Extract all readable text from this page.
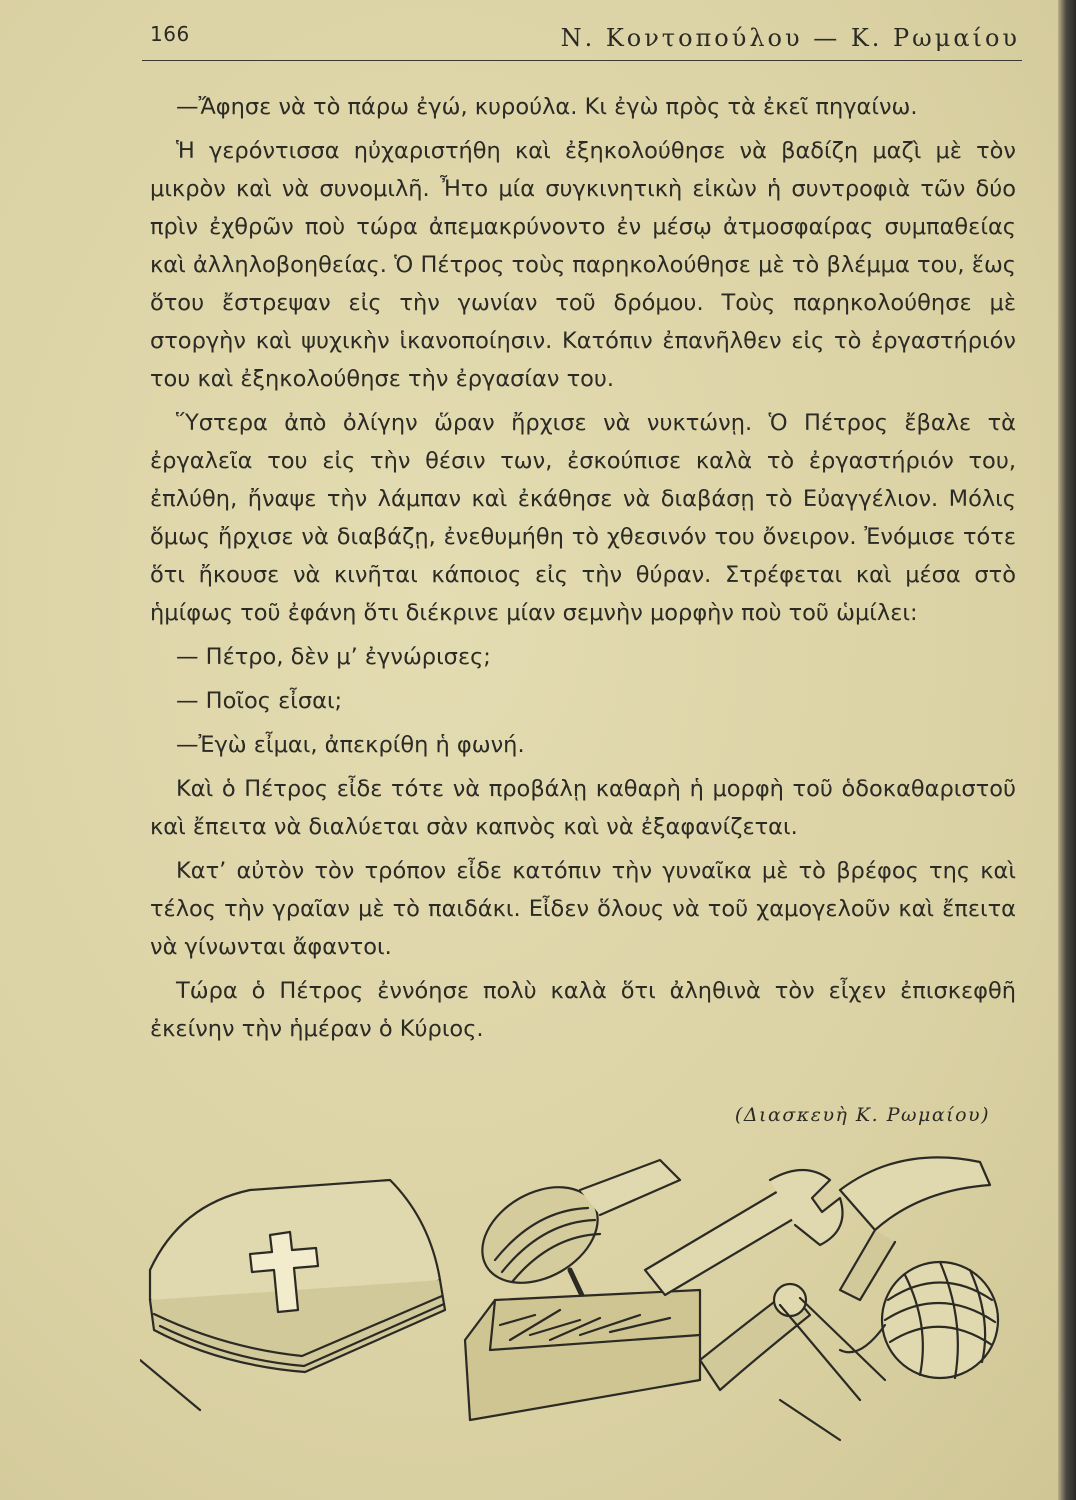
166	Ν. Κοντοπούλου — Κ. Ρωμαίου

—Ἄφησε νὰ τὸ πάρω ἐγώ, κυρούλα. Κι ἐγὼ πρὸς τὰ ἐκεῖ πηγαίνω.

Ἡ γερόντισσα ηὐχαριστήθη καὶ ἐξηκολούθησε νὰ βαδίζη μαζὶ μὲ τὸν μικρὸν καὶ νὰ συνομιλῆ. Ἦτο μία συγκινητικὴ εἰκὼν ἡ συντροφιὰ τῶν δύο πρὶν ἐχθρῶν ποὺ τώρα ἀπεμακρύνοντο ἐν μέσῳ ἀτμοσφαίρας συμπαθείας καὶ ἀλληλοβοηθείας. Ὁ Πέτρος τοὺς παρηκολούθησε μὲ τὸ βλέμμα του, ἕως ὅτου ἔστρεψαν εἰς τὴν γωνίαν τοῦ δρόμου. Τοὺς παρηκολούθησε μὲ στοργὴν καὶ ψυχικὴν ἱκανοποίησιν. Κατόπιν ἐπανῆλθεν εἰς τὸ ἐργαστήριόν του καὶ ἐξηκολούθησε τὴν ἐργασίαν του.

Ὕστερα ἀπὸ ὀλίγην ὥραν ἤρχισε νὰ νυκτώνῃ. Ὁ Πέτρος ἔβαλε τὰ ἐργαλεῖα του εἰς τὴν θέσιν των, ἐσκούπισε καλὰ τὸ ἐργαστήριόν του, ἐπλύθη, ἤναψε τὴν λάμπαν καὶ ἐκάθησε νὰ διαβάσῃ τὸ Εὐαγγέλιον. Μόλις ὅμως ἤρχισε νὰ διαβάζῃ, ἐνεθυμήθη τὸ χθεσινόν του ὄνειρον. Ἐνόμισε τότε ὅτι ἤκουσε νὰ κινῆται κάποιος εἰς τὴν θύραν. Στρέφεται καὶ μέσα στὸ ἡμίφως τοῦ ἐφάνη ὅτι διέκρινε μίαν σεμνὴν μορφὴν ποὺ τοῦ ὡμίλει:

— Πέτρο, δὲν μ’ ἐγνώρισες;

— Ποῖος εἶσαι;

—Ἐγὼ εἶμαι, ἀπεκρίθη ἡ φωνή.

Καὶ ὁ Πέτρος εἶδε τότε νὰ προβάλῃ καθαρὴ ἡ μορφὴ τοῦ ὁδοκαθαριστοῦ καὶ ἔπειτα νὰ διαλύεται σὰν καπνὸς καὶ νὰ ἐξαφανίζεται.

Κατ’ αὐτὸν τὸν τρόπον εἶδε κατόπιν τὴν γυναῖκα μὲ τὸ βρέφος της καὶ τέλος τὴν γραῖαν μὲ τὸ παιδάκι. Εἶδεν ὅλους νὰ τοῦ χαμογελοῦν καὶ ἔπειτα νὰ γίνωνται ἄφαντοι.

Τώρα ὁ Πέτρος ἐννόησε πολὺ καλὰ ὅτι ἀληθινὰ τὸν εἶχεν ἐπισκεφθῆ ἐκείνην τὴν ἡμέραν ὁ Κύριος.

(Διασκευὴ Κ. Ρωμαίου)
